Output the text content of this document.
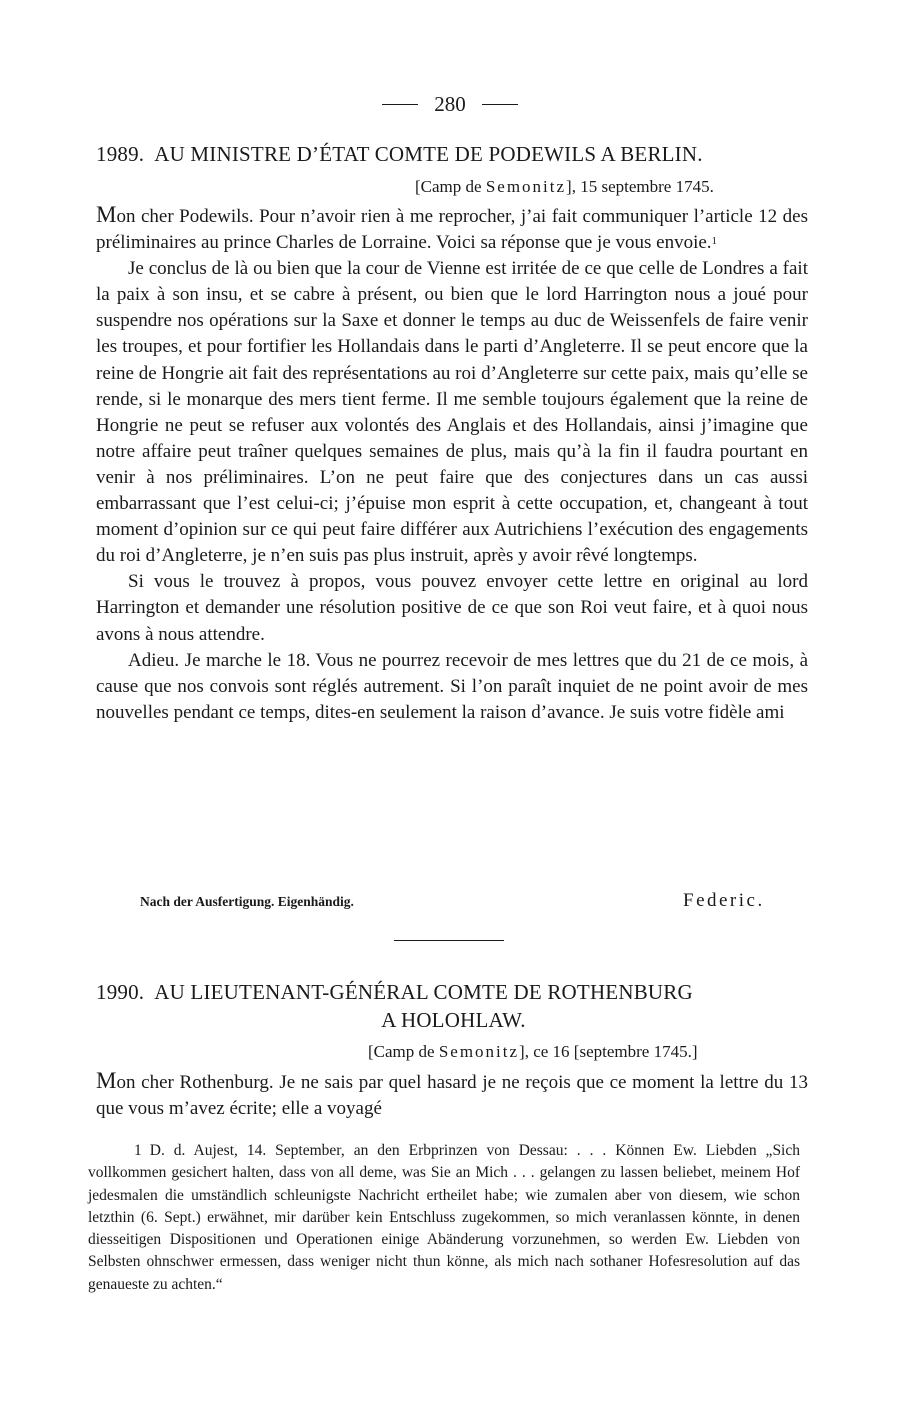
280
1989. AU MINISTRE D’ÉTAT COMTE DE PODEWILS A BERLIN.
[Camp de Semonitz], 15 septembre 1745.

Mon cher Podewils. Pour n’avoir rien à me reprocher, j’ai fait communiquer l’article 12 des préliminaires au prince Charles de Lorraine. Voici sa réponse que je vous envoie.$^1$

Je conclus de là ou bien que la cour de Vienne est irritée de ce que celle de Londres a fait la paix à son insu, et se cabre à présent, ou bien que le lord Harrington nous a joué pour suspendre nos opérations sur la Saxe et donner le temps au duc de Weissenfels de faire venir les troupes, et pour fortifier les Hollandais dans le parti d’Angleterre. Il se peut encore que la reine de Hongrie ait fait des représentations au roi d’Angleterre sur cette paix, mais qu’elle se rende, si le monarque des mers tient ferme. Il me semble toujours également que la reine de Hongrie ne peut se refuser aux volontés des Anglais et des Hollandais, ainsi j’imagine que notre affaire peut traîner quelques semaines de plus, mais qu’à la fin il faudra pourtant en venir à nos préliminaires. L’on ne peut faire que des conjectures dans un cas aussi embarrassant que l’est celui-ci; j’épuise mon esprit à cette occupation, et, changeant à tout moment d’opinion sur ce qui peut faire différer aux Autrichiens l’exécution des engagements du roi d’Angleterre, je n’en suis pas plus instruit, après y avoir rêvé longtemps.

Si vous le trouvez à propos, vous pouvez envoyer cette lettre en original au lord Harrington et demander une résolution positive de ce que son Roi veut faire, et à quoi nous avons à nous attendre.

Adieu. Je marche le 18. Vous ne pourrez recevoir de mes lettres que du 21 de ce mois, à cause que nos convois sont réglés autrement. Si l’on paraît inquiet de ne point avoir de mes nouvelles pendant ce temps, dites-en seulement la raison d’avance. Je suis votre fidèle ami

Nach der Ausfertigung. Eigenhändig.	Federic.
1990. AU LIEUTENANT-GÉNÉRAL COMTE DE ROTHENBURG
A HOLOHLAW.
[Camp de Semonitz], ce 16 [septembre 1745.]

Mon cher Rothenburg. Je ne sais par quel hasard je ne reçois que ce moment la lettre du 13 que vous m’avez écrite; elle a voyagé

1 D. d. Aujest, 14. September, an den Erbprinzen von Dessau: . . . Können Ew. Liebden „Sich vollkommen gesichert halten, dass von all deme, was Sie an Mich . . . gelangen zu lassen beliebet, meinem Hof jedesmalen die umständlich schleunigste Nachricht ertheilet habe; wie zumalen aber von diesem, wie schon letzthin (6. Sept.) erwähnet, mir darüber kein Entschluss zugekommen, so mich veranlassen könnte, in denen diesseitigen Dispositionen und Operationen einige Abänderung vorzunehmen, so werden Ew. Liebden von Selbsten ohnschwer ermessen, dass weniger nicht thun könne, als mich nach sothaner Hofesresolution auf das genaueste zu achten.“
